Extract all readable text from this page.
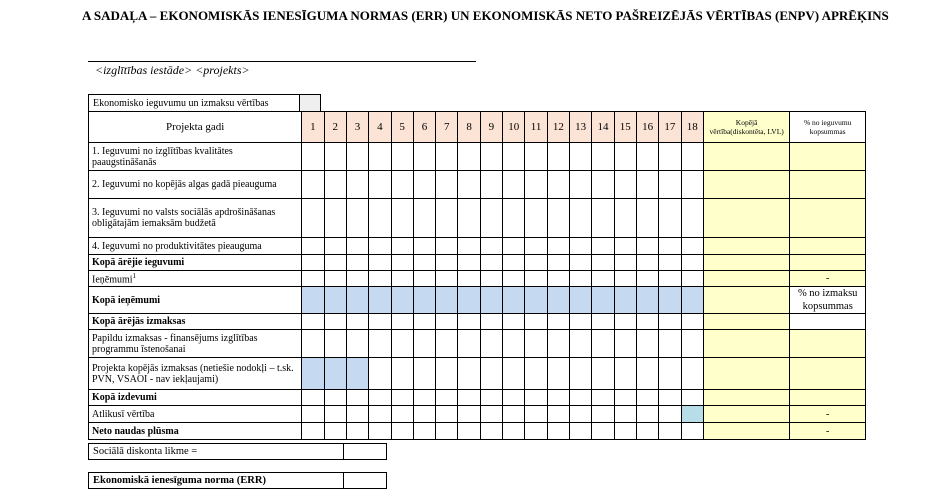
A SADAĻA – EKONOMISKĀS IENESĪGUMA NORMAS (ERR) UN EKONOMISKĀS NETO PAŠREIZĒJĀS VĒRTĪBAS (ENPV) APRĒĶINS
<izglītības iestāde> <projekts>
Ekonomisko ieguvumu un izmaksu vērtības	
Projekta gadi	1	2	3	4	5	6	7	8	9	10	11	12	13	14	15	16	17	18	Kopējā vērtība(diskontēta, LVL)	% no ieguvumu kopsummas
1. Ieguvumi no izglītības kvalitātes paaugstināšanās																				
2. Ieguvumi no kopējās algas gadā pieauguma																				
3. Ieguvumi no valsts sociālās apdrošināšanas obligātajām iemaksām budžetā																				
4. Ieguvumi no produktivitātes pieauguma																				
Kopā ārējie ieguvumi																				
Ieņēmumi$^1$																				-
Kopā ieņēmumi																				% no izmaksu kopsummas
Kopā ārējās izmaksas																				
Papildu izmaksas - finansējums izglītības programmu īstenošanai																				
Projekta kopējās izmaksas (netiešie nodokļi – t.sk. PVN, VSAOI - nav iekļaujami)																				
Kopā izdevumi																				
Atlikusī vērtība																				-
Neto naudas plūsma																				-
Sociālā diskonta likme =	
Ekonomiskā ienesīguma norma (ERR)	
